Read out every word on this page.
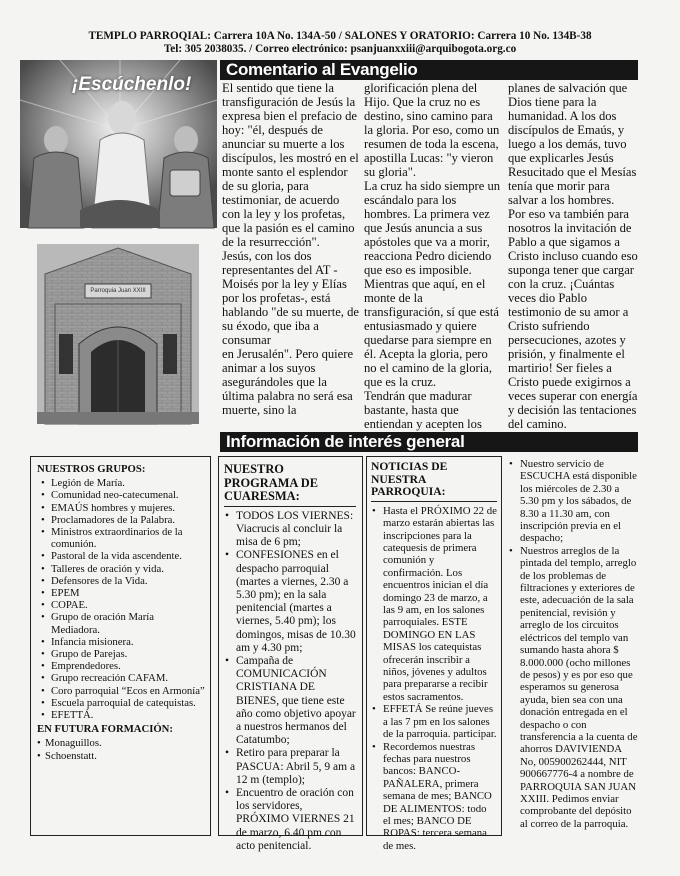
TEMPLO PARROQIAL: Carrera 10A No. 134A-50 / SALONES Y ORATORIO: Carrera 10 No. 134B-38
Tel: 305 2038035. / Correo electrónico: psanjuanxxiii@arquibogota.org.co
¡Escúchenlo!
Parroquia Juan XXIII
Comentario al Evangelio

El sentido que tiene la transfiguración de Jesús la expresa bien el prefacio de hoy: "él, después de anunciar su muerte a los discípulos, les mostró en el monte santo el esplendor de su gloria, para testimoniar, de acuerdo con la ley y los profetas, que la pasión es el camino de la resurrección".

Jesús, con los dos representantes del AT - Moisés por la ley y Elías por los profetas-, está hablando "de su muerte, de su éxodo, que iba a consumar

en Jerusalén". Pero quiere animar a los suyos asegurándoles que la última palabra no será esa muerte, sino la

glorificación plena del Hijo. Que la cruz no es destino, sino camino para la gloria. Por eso, como un resumen de toda la escena, apostilla Lucas: "y vieron su gloria".

La cruz ha sido siempre un escándalo para los hombres. La primera vez que Jesús anuncia a sus apóstoles que va a morir, reacciona Pedro diciendo que eso es imposible.

Mientras que aquí, en el monte de la transfiguración, sí que está entusiasmado y quiere quedarse para siempre en él. Acepta la gloria, pero no el camino de la gloria, que es la cruz.

Tendrán que madurar bastante, hasta que entiendan y acepten los

planes de salvación que Dios tiene para la humanidad. A los dos discípulos de Emaús, y luego a los demás, tuvo que explicarles Jesús Resucitado que el Mesías tenía que morir para salvar a los hombres.

Por eso va también para nosotros la invitación de Pablo a que sigamos a Cristo incluso cuando eso suponga tener que cargar con la cruz. ¡Cuántas veces dio Pablo testimonio de su amor a Cristo sufriendo persecuciones, azotes y prisión, y finalmente el martirio! Ser fieles a Cristo puede exigirnos a veces superar con energía y decisión las tentaciones del camino.

Información de interés general
NUESTROS GRUPOS:
• Legión de María.
• Comunidad neo-catecumenal.
• EMAÚS hombres y mujeres.
• Proclamadores de la Palabra.
• Ministros extraordinarios de la comunión.
• Pastoral de la vida ascendente.
• Talleres de oración y vida.
• Defensores de la Vida.
• EPEM
• COPAE.
• Grupo de oración María Mediadora.
• Infancia misionera.
• Grupo de Parejas.
• Emprendedores.
• Grupo recreación CAFAM.
• Coro parroquial “Ecos en Armonía”
• Escuela parroquial de catequistas.
• EFETTÁ.
EN FUTURA FORMACIÓN:
• Monaguillos.
• Schoenstatt.
NUESTRO PROGRAMA DE CUARESMA:
• TODOS LOS VIERNES: Viacrucis al concluir la misa de 6 pm;
• CONFESIONES en el despacho parroquial (martes a viernes, 2.30 a 5.30 pm); en la sala penitencial (martes a viernes, 5.40 pm); los domingos, misas de 10.30 am y 4.30 pm;
• Campaña de COMUNICACIÓN CRISTIANA DE BIENES, que tiene este año como objetivo apoyar a nuestros hermanos del Catatumbo;
• Retiro para preparar la PASCUA: Abril 5, 9 am a 12 m (templo);
• Encuentro de oración con los servidores, PRÓXIMO VIERNES 21 de marzo, 6.40 pm con acto penitencial.
NOTICIAS DE NUESTRA PARROQUIA:
• Hasta el PRÓXIMO 22 de marzo estarán abiertas las inscripciones para la catequesis de primera comunión y confirmación. Los encuentros inician el día domingo 23 de marzo, a las 9 am, en los salones parroquiales. ESTE DOMINGO EN LAS MISAS los catequistas ofrecerán inscribir a niños, jóvenes y adultos para prepararse a recibir estos sacramentos.
• EFFETÁ Se reúne jueves a las 7 pm en los salones de la parroquia. participar.
• Recordemos nuestras fechas para nuestros bancos: BANCO-PAÑALERA, primera semana de mes; BANCO DE ALIMENTOS: todo el mes; BANCO DE ROPAS: tercera semana de mes.
• Nuestro servicio de ESCUCHA está disponible los miércoles de 2.30 a 5.30 pm y los sábados, de 8.30 a 11.30 am, con inscripción previa en el despacho;
• Nuestros arreglos de la pintada del templo, arreglo de los problemas de filtraciones y exteriores de este, adecuación de la sala penitencial, revisión y arreglo de los circuitos eléctricos del templo van sumando hasta ahora $ 8.000.000 (ocho millones de pesos) y es por eso que esperamos su generosa ayuda, bien sea con una donación entregada en el despacho o con transferencia a la cuenta de ahorros DAVIVIENDA No, 005900262444, NIT 900667776-4 a nombre de PARROQUIA SAN JUAN XXIII. Pedimos enviar comprobante del depósito al correo de la parroquia.
